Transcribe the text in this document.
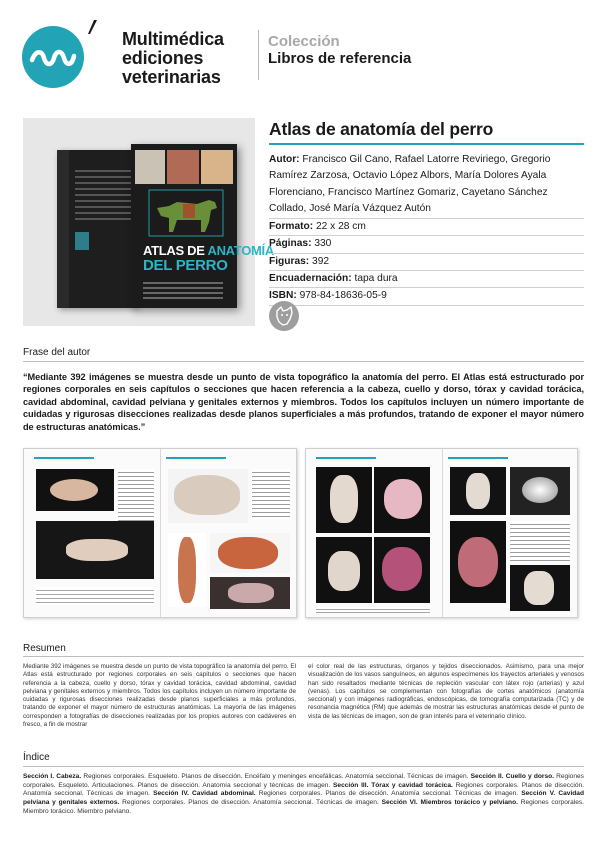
Multimédica
ediciones
veterinarias
Colección
Libros de referencia
ATLAS DE ANATOMÍA
DEL PERRO
Atlas de anatomía del perro
Autor: Francisco Gil Cano, Rafael Latorre Reviriego, Gregorio Ramírez Zarzosa, Octavio López Albors, María Dolores Ayala Florenciano, Francisco Martínez Gomariz, Cayetano Sánchez Collado, José María Vázquez Autón
Formato: 22 x 28 cm
Páginas: 330
Figuras: 392
Encuadernación: tapa dura
ISBN: 978-84-18636-05-9
Frase del autor
“Mediante 392 imágenes se muestra desde un punto de vista topográfico la anatomía del perro. El Atlas está estructurado por regiones corporales en seis capítulos o secciones que hacen referencia a la cabeza, cuello y dorso, tórax y cavidad torácica, cavidad abdominal, cavidad pelviana y genitales externos y miembros. Todos los capítulos incluyen un número importante de cuidadas y rigurosas disecciones realizadas desde planos superficiales a más profundos, tratando de exponer el mayor número de estructuras anatómicas.”
Resumen
Mediante 392 imágenes se muestra desde un punto de vista topográfico la anatomía del perro. El Atlas está estructurado por regiones corporales en seis capítulos o secciones que hacen referencia a la cabeza, cuello y dorso, tórax y cavidad torácica, cavidad abdominal, cavidad pelviana y genitales externos y miembros. Todos los capítulos incluyen un número importante de cuidadas y rigurosas disecciones realizadas desde planos superficiales a más profundos, tratando de exponer el mayor número de estructuras anatómicas. La mayoría de las imágenes corresponden a fotografías de disecciones realizadas por los propios autores con cadáveres en fresco, a fin de mostrar
el color real de las estructuras, órganos y tejidos diseccionados. Asimismo, para una mejor visualización de los vasos sanguíneos, en algunos especímenes los trayectos arteriales y venosos han sido resaltados mediante técnicas de repleción vascular con látex rojo (arterias) y azul (venas). Los capítulos se complementan con fotografías de cortes anatómicos (anatomía seccional) y con imágenes radiográficas, endoscópicas, de tomografía computarizada (TC) y de resonancia magnética (RM) que además de mostrar las estructuras anatómicas desde el punto de vista de las técnicas de imagen, son de gran interés para el veterinario clínico.
Índice
Sección I. Cabeza. Regiones corporales. Esqueleto. Planos de disección. Encéfalo y meninges encefálicas. Anatomía seccional. Técnicas de imagen. Sección II. Cuello y dorso. Regiones corporales. Esqueleto. Articulaciones. Planos de disección. Anatomía seccional y técnicas de imagen. Sección III. Tórax y cavidad torácica. Regiones corporales. Planos de disección. Anatomía seccional. Técnicas de imagen. Sección IV. Cavidad abdominal. Regiones corporales. Planos de disección. Anatomía seccional. Técnicas de imagen. Sección V. Cavidad pelviana y genitales externos. Regiones corporales. Planos de disección. Anatomía seccional. Técnicas de imagen. Sección VI. Miembros torácico y pelviano. Regiones corporales. Miembro torácico. Miembro pelviano.
